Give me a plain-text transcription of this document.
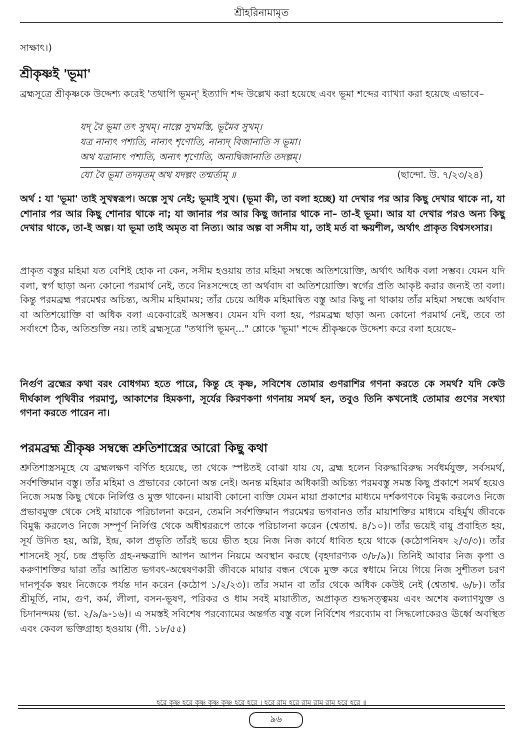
শ্রীহরিনামামৃত

সাক্ষাৎ।)

শ্রীকৃষ্ণই 'ভূমা'

ব্রহ্মসূত্রে শ্রীকৃষ্ণকে উদ্দেশ্য করেই 'তথাপি ভূমন্' ইত্যাদি শব্দ উল্লেখ করা হয়েছে এবং ভূমা শব্দের ব্যাখ্যা করা হয়েছে এভাবে–

যদ্ বৈ ভূমা তৎ সুখম্। নাল্পে সুখমস্তি, ভূমৈব সুখম্।
যত্র নান্যৎ পশ্যতি, নান্যৎ শৃণোতি, নান্যদ্ বিজানাতি স ভূমা।
অথ যত্রান্যৎ পশ্যতি, অন্যৎ শৃণোতি, অন্যদ্বিজানাতি তদল্পম্।
যো বৈ ভূমা তদমৃতম্ অথ যদল্পং তন্মর্ত্যম্ ॥	(ছান্দো. উ. ৭/২৩/২৪)

অর্থ : যা 'ভূমা' তাই সুখস্বরূপ। অল্পে সুখ নেই; ভূমাই সুখ। (ভূমা কী, তা বলা হচ্ছে) যা দেখার পর আর কিছু দেখার থাকে না, যা শোনার পর আর কিছু শোনার থাকে না; যা জানার পর আর কিছু জানার থাকে না– তা-ই ভূমা। আর যা দেখার পরও অন্য কিছু দেখার থাকে, তা-ই অল্প। যা ভূমা তাই অমৃত বা নিত্য। আর অল্প বা সসীম যা, তাই মর্ত বা ক্ষয়শীল, অর্থাৎ প্রাকৃত বিশ্বসংসার।

প্রাকৃত বস্তুর মহিমা যত বেশিই হোক না কেন, সসীম হওয়ায় তার মহিমা সম্বন্ধে অতিশয়োক্তি, অর্থাৎ অধিক বলা সম্ভব। যেমন যদি বলা, স্বর্গ ছাড়া অন্য কোনো পরমার্থ নেই, তবে নিঃসন্দেহে তা অর্থবাদ বা অতিশয়োক্তি। স্বর্গের প্রতি আকৃষ্ট করার জন্যই তা বলা। কিন্তু পরমব্রহ্ম পরমেশ্বর অচিন্ত্য, অসীম মহিমাময়; তাঁর চেয়ে অধিক মহিমান্বিত বস্তু আর কিছু না থাকায় তাঁর মহিমা সম্বন্ধে অর্থবাদ বা অতিশয়োক্তি বা অধিক বলা একেবারেই অসম্ভব। যেমন যদি বলা হয়, পরমব্রহ্ম ছাড়া অন্য কোনো পরমার্থ নেই, তবে তা সর্বাংশে ঠিক, অতিশুক্তি নয়। তাই ব্রহ্মসূত্রে "তথাপি ভূমন্..." শ্লোকে 'ভূমা' শব্দে শ্রীকৃষ্ণকে উদ্দেশ্য করে বলা হয়েছে–

নির্গুণ ব্রহ্মের কথা বরং বোধগম্য হতে পারে, কিন্তু হে কৃষ্ণ, সবিশেষ তোমার গুণরাশির গণনা করতে কে সমর্থ? যদি কেউ দীর্ঘকাল পৃথিবীর পরমাণু, আকাশের হিমকণা, সূর্যের কিরণকণা গণনায় সমর্থ হন, তবুও তিনি কখনোই তোমার গুণের সংখ্যা গণনা করতে পারেন না।

পরমব্রহ্ম শ্রীকৃষ্ণ সম্বন্ধে শ্রুতিশাস্ত্রের আরো কিছু কথা

শ্রুতিশাস্ত্রসমূহে যে ব্রহ্মলক্ষণ বর্ণিত হয়েছে, তা থেকে স্পষ্টতই বোঝা যায় যে, ব্রহ্ম হলেন বিরুদ্ধাবিরুদ্ধ সর্বধর্মযুক্ত, সর্বসমর্থ, সর্বশক্তিমান বস্তু। তাঁর মহিমা ও প্রভাবের কোনো অন্ত নেই। অনন্ত মহিমার অধিকারী অচিন্ত্য পরমবস্তু সমস্ত কিছু প্রকাশে সমর্থ হয়েও নিজে সমস্ত কিছু থেকে নির্লিপ্ত ও মুক্ত থাকেন। মায়াবী কোনো ব্যক্তি যেমন মায়া প্রকাশের মাধ্যমে দর্শকগণকে বিমুগ্ধ করলেও নিজে প্রভাবমুক্ত থেকে সেই মায়াকে পরিচালনা করেন, তেমনি সর্বশক্তিমান পরমেশ্বর ভগবানও তাঁর মায়াশক্তির মাধ্যমে বহির্মুখ জীবকে বিমুগ্ধ করলেও নিজে সম্পূর্ণ নির্লিপ্ত থেকে অধীশ্বররূপে তাকে পরিচালনা করেন (শ্বেতাশ্ব. ৪/১০)। তাঁর ভয়েই বায়ু প্রবাহিত হয়, সূর্য উদিত হয়, অগ্নি, ইন্দ্র, কাল প্রভৃতি তাঁরই ভয়ে ভীত হয়ে নিজ নিজ কার্যে ধাবিত হয়ে থাকে (কঠোপনিষদ ২/৩/৩)। তাঁর শাসনেই সূর্য, চন্দ্র প্রভৃতি গ্রহ-নক্ষত্রাদি আপন আপন নিয়মে অবস্থান করছে (বৃহদারণ্যক ৩/৮/৯)। তিনিই আবার নিজ কৃপা ও করুণাশক্তির দ্বারা তাঁর আশ্রিত ভগবৎ-অন্বেষণকারী জীবকে মায়ার বন্ধন থেকে মুক্ত করে স্বধামে নিয়ে গিয়ে নিজ সুশীতল চরণ দানপূর্বক স্বয়ং নিজেকে পর্যন্ত দান করেন (কঠোপ ১/২/২৩)। তাঁর সমান বা তাঁর থেকে অধিক কেউই নেই (শ্বেতাশ্ব. ৬/৮)। তাঁর শ্রীমূর্তি, নাম, গুণ, কর্ম, লীলা, বসন-ভূষণ, পরিকর ও ধাম সবই মায়াতীত, অপ্রাকৃত শুদ্ধসত্ত্বময় এবং অশেষ কল্যাণযুক্ত ও চিদানন্দময় (ভা. ২/৯/৯-১৬)। এ সমস্তই সবিশেষ পরব্যোমের অন্তর্গত বস্তু বলে নির্বিশেষ পরব্যোম বা সিদ্ধলোকেরও ঊর্ধ্বে অবস্থিত এবং কেবল ভক্তিগ্রাহ্য হওয়ায় (গী. ১৮/৫৫)

হরে কৃষ্ণ হরে কৃষ্ণ কৃষ্ণ কৃষ্ণ হরে হরে । হরে রাম হরে রাম রাম রাম হরে হরে ॥
৯৬
